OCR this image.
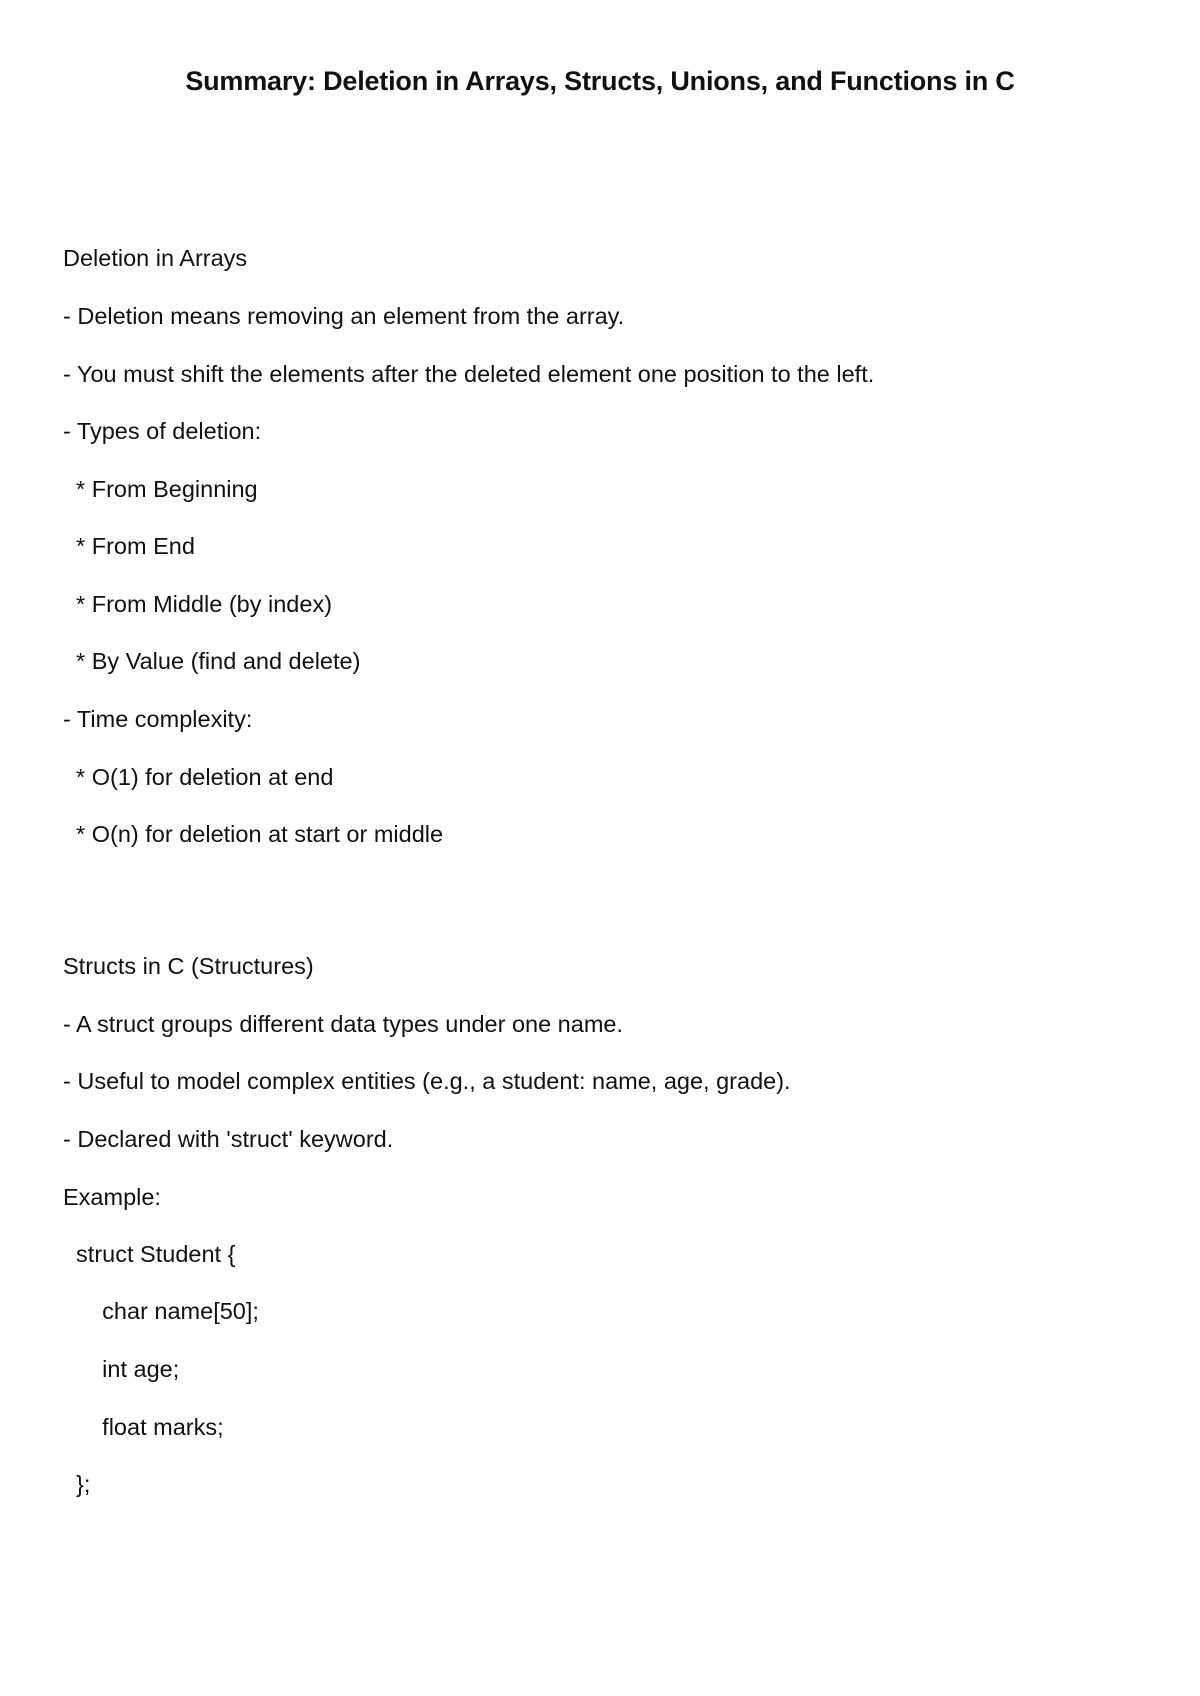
Summary: Deletion in Arrays, Structs, Unions, and Functions in C
Deletion in Arrays
- Deletion means removing an element from the array.
- You must shift the elements after the deleted element one position to the left.
- Types of deletion:
* From Beginning
* From End
* From Middle (by index)
* By Value (find and delete)
- Time complexity:
* O(1) for deletion at end
* O(n) for deletion at start or middle
Structs in C (Structures)
- A struct groups different data types under one name.
- Useful to model complex entities (e.g., a student: name, age, grade).
- Declared with 'struct' keyword.
Example:
struct Student {
char name[50];
int age;
float marks;
};
